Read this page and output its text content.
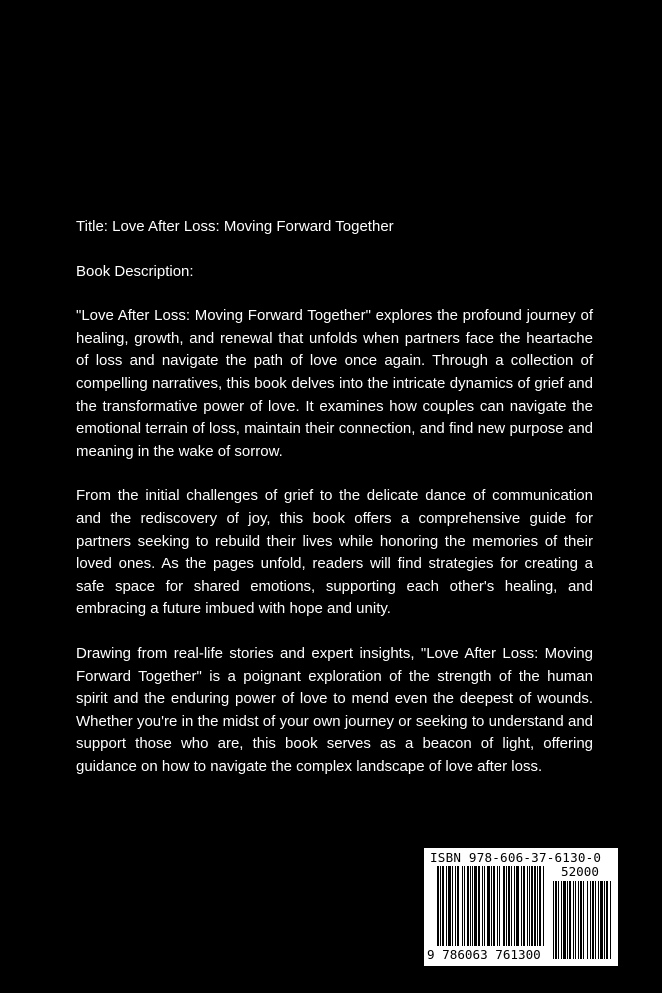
Title: Love After Loss: Moving Forward Together

Book Description:

"Love After Loss: Moving Forward Together" explores the profound journey of healing, growth, and renewal that unfolds when partners face the heartache of loss and navigate the path of love once again. Through a collection of compelling narratives, this book delves into the intricate dynamics of grief and the transformative power of love. It examines how couples can navigate the emotional terrain of loss, maintain their connection, and find new purpose and meaning in the wake of sorrow.

From the initial challenges of grief to the delicate dance of communication and the rediscovery of joy, this book offers a comprehensive guide for partners seeking to rebuild their lives while honoring the memories of their loved ones. As the pages unfold, readers will find strategies for creating a safe space for shared emotions, supporting each other's healing, and embracing a future imbued with hope and unity.

Drawing from real-life stories and expert insights, "Love After Loss: Moving Forward Together" is a poignant exploration of the strength of the human spirit and the enduring power of love to mend even the deepest of wounds. Whether you're in the midst of your own journey or seeking to understand and support those who are, this book serves as a beacon of light, offering guidance on how to navigate the complex landscape of love after loss.

ISBN 978-606-37-6130-0
52000
9 786063 761300
